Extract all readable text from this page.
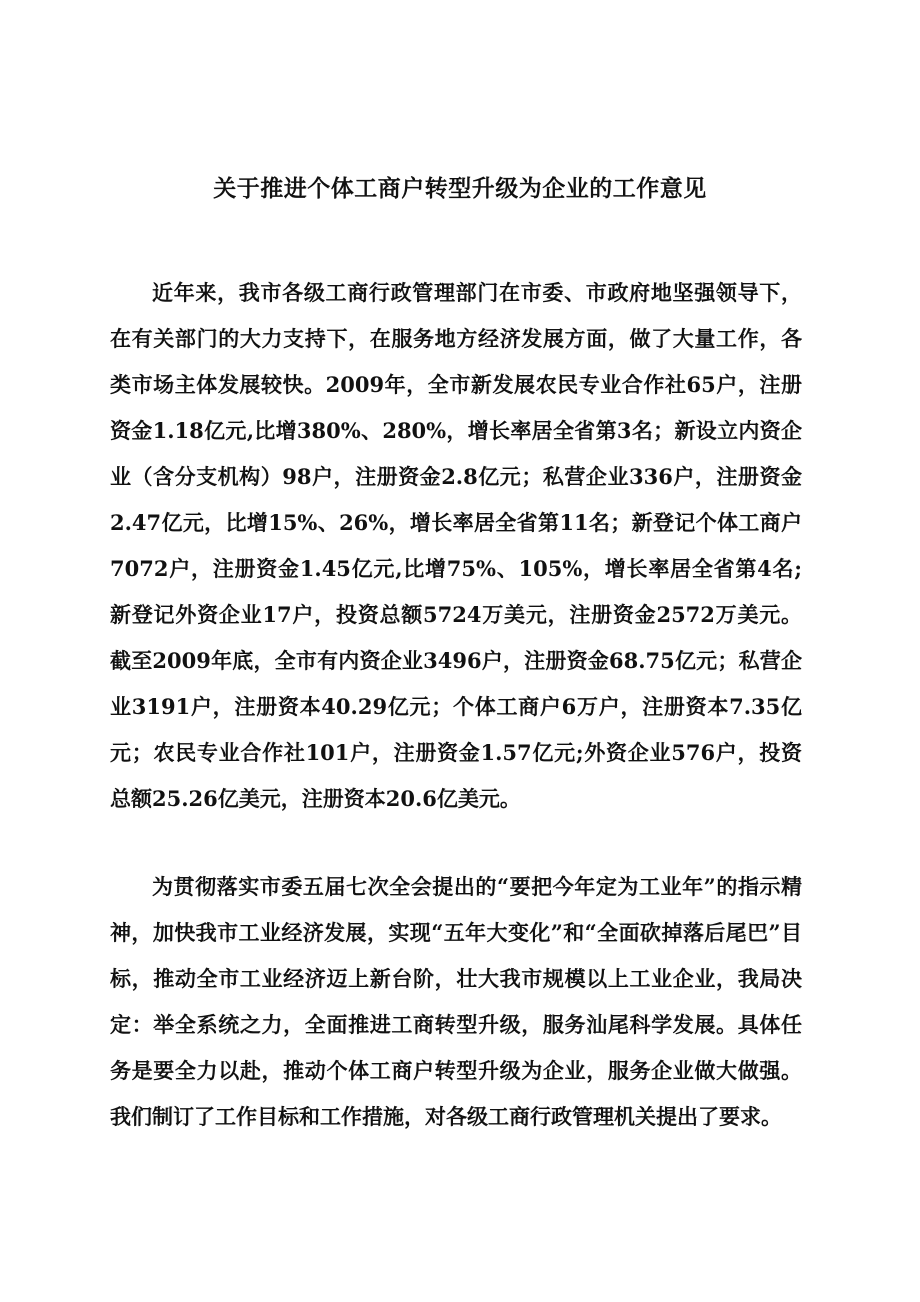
关于推进个体工商户转型升级为企业的工作意见

近年来，我市各级工商行政管理部门在市委、市政府地坚强领导下，在有关部门的大力支持下，在服务地方经济发展方面，做了大量工作，各类市场主体发展较快。2009年，全市新发展农民专业合作社65户，注册资金1.18亿元,比增380%、280%，增长率居全省第3名；新设立内资企业（含分支机构）98户，注册资金2.8亿元；私营企业336户，注册资金2.47亿元，比增15%、26%，增长率居全省第11名；新登记个体工商户7072户，注册资金1.45亿元,比增75%、105%，增长率居全省第4名;新登记外资企业17户，投资总额5724万美元，注册资金2572万美元。截至2009年底，全市有内资企业3496户，注册资金68.75亿元；私营企业3191户，注册资本40.29亿元；个体工商户6万户，注册资本7.35亿元；农民专业合作社101户，注册资金1.57亿元;外资企业576户，投资总额25.26亿美元，注册资本20.6亿美元。

为贯彻落实市委五届七次全会提出的“要把今年定为工业年”的指示精神，加快我市工业经济发展，实现“五年大变化”和“全面砍掉落后尾巴”目标，推动全市工业经济迈上新台阶，壮大我市规模以上工业企业，我局决定：举全系统之力，全面推进工商转型升级，服务汕尾科学发展。具体任务是要全力以赴，推动个体工商户转型升级为企业，服务企业做大做强。我们制订了工作目标和工作措施，对各级工商行政管理机关提出了要求。
